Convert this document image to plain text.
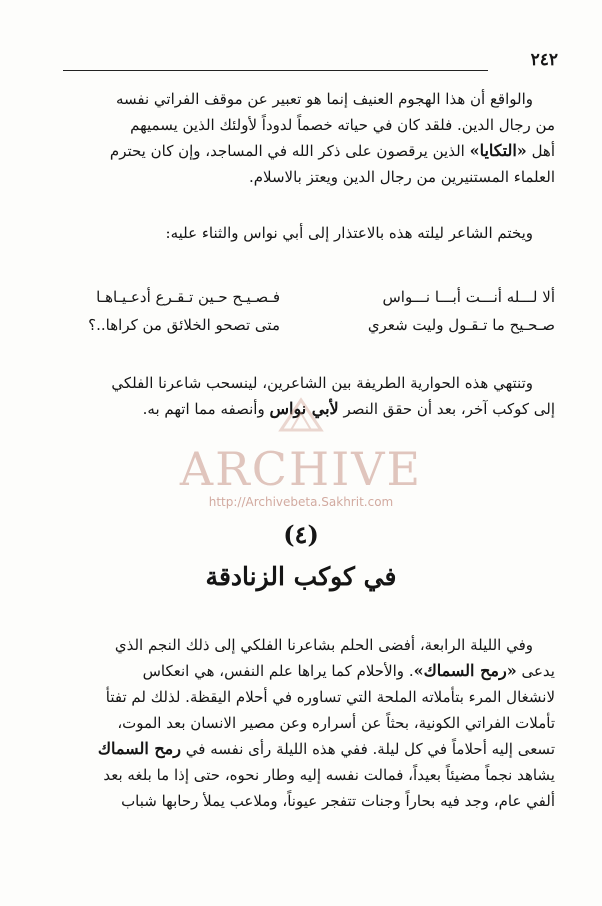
٢٤٢
والواقع أن هذا الهجوم العنيف إنما هو تعبير عن موقف الفراتي نفسه
من رجال الدين. فلقد كان في حياته خصماً لدوداً لأولئك الذين يسميهم
أهل «التكايا» الذين يرقصون على ذكر الله في المساجد، وإن كان يحترم
العلماء المستنيرين من رجال الدين ويعتز بالاسلام.
ويختم الشاعر ليلته هذه بالاعتذار إلى أبي نواس والثناء عليه:
ألا لـــله أنـــت أبـــا نـــواس
فـصـيـح حـين تـقـرع أدعـيـاهـا
صـحـيح ما تـقـول وليت شعري
متى تصحو الخلائق من كراها..؟
وتنتهي هذه الحوارية الطريفة بين الشاعرين، لينسحب شاعرنا الفلكي
إلى كوكب آخر، بعد أن حقق النصر لأبي نواس وأنصفه مما اتهم به.
ARCHIVE
http://Archivebeta.Sakhrit.com
(٤)
في كوكب الزنادقة
وفي الليلة الرابعة، أفضى الحلم بشاعرنا الفلكي إلى ذلك النجم الذي
يدعى «رمح السماك». والأحلام كما يراها علم النفس، هي انعكاس
لانشغال المرء بتأملاته الملحة التي تساوره في أحلام اليقظة. لذلك لم تفتأ
تأملات الفراتي الكونية، بحثاً عن أسراره وعن مصير الانسان بعد الموت،
تسعى إليه أحلاماً في كل ليلة. ففي هذه الليلة رأى نفسه في رمح السماك
يشاهد نجماً مضيئاً بعيداً، فمالت نفسه إليه وطار نحوه، حتى إذا ما بلغه بعد
ألفي عام، وجد فيه بحاراً وجنات تتفجر عيوناً، وملاعب يملأ رحابها شباب
